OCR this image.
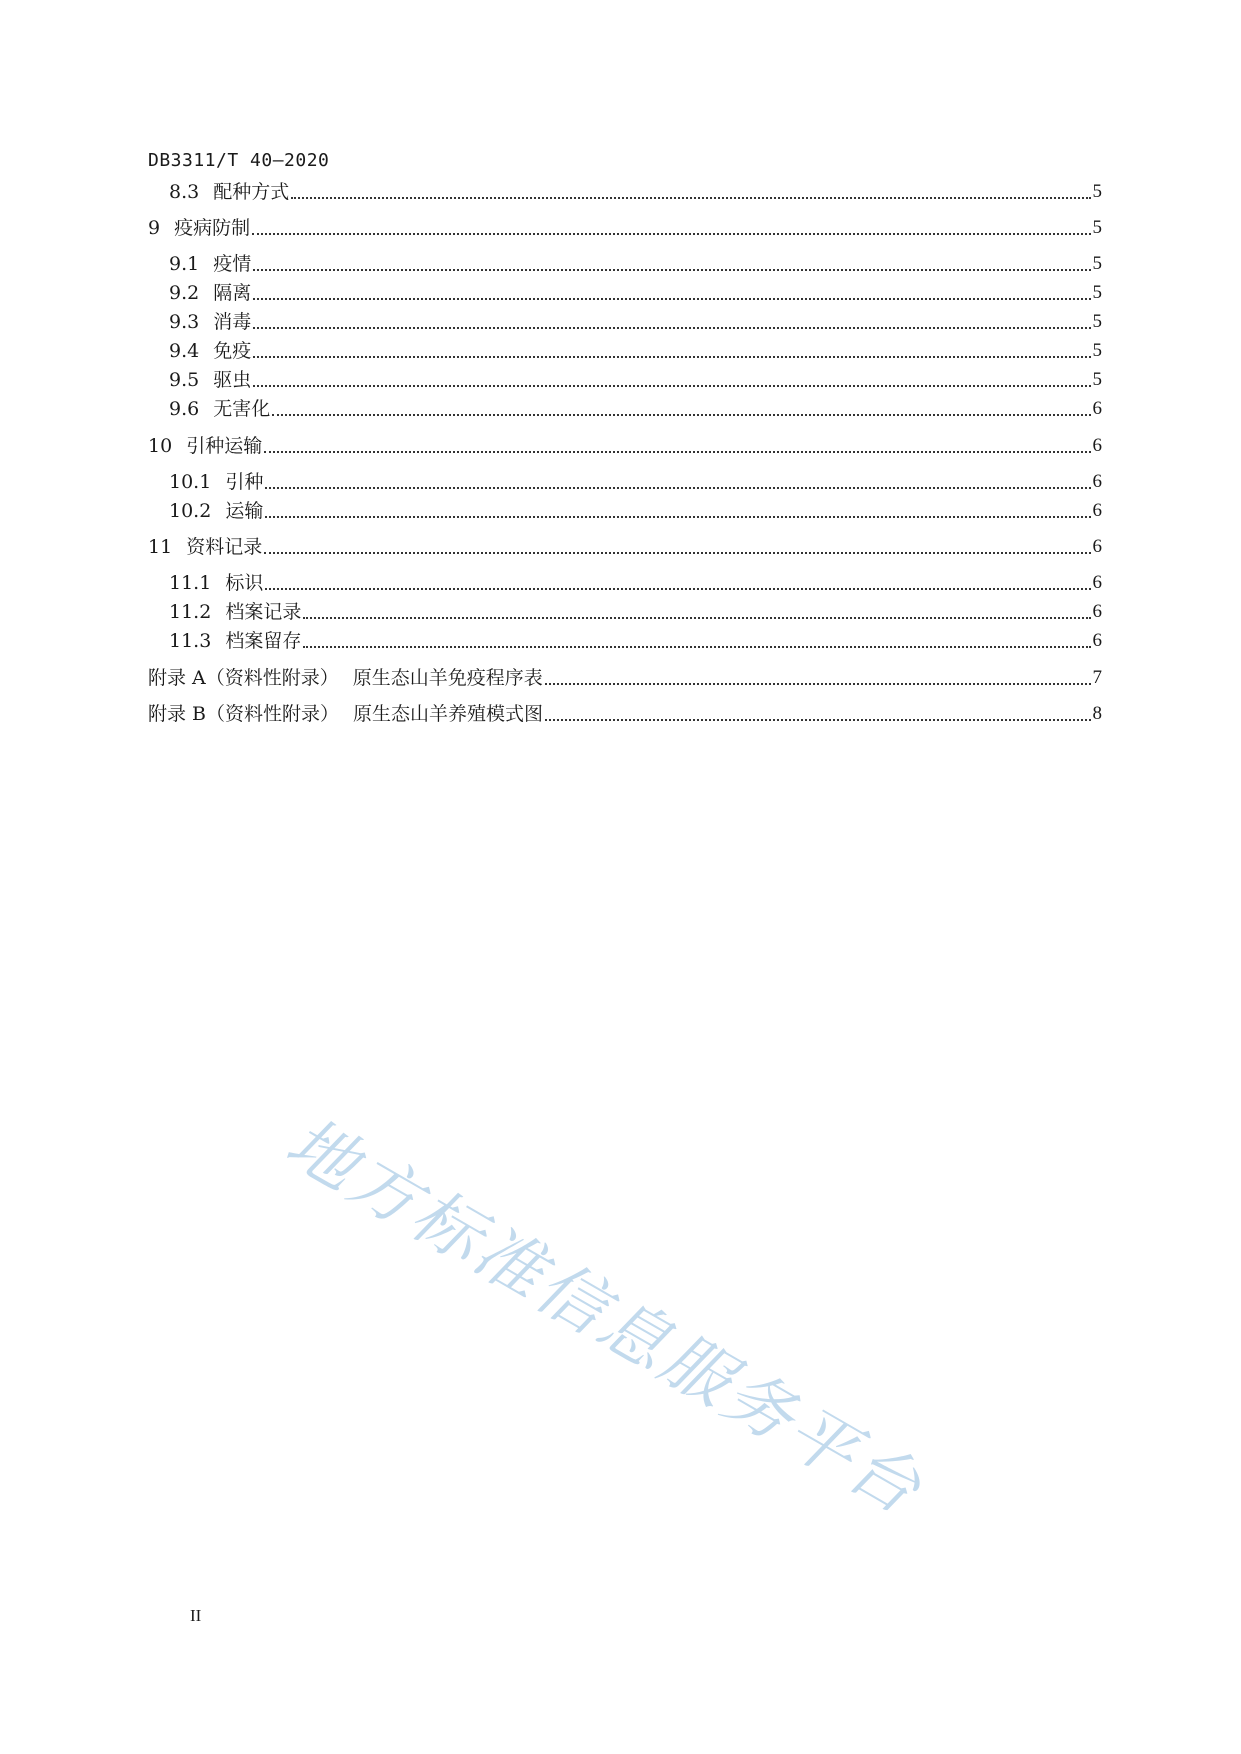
DB3311/T 40—2020
8.3 配种方式	5
9 疫病防制	5
9.1 疫情	5
9.2 隔离	5
9.3 消毒	5
9.4 免疫	5
9.5 驱虫	5
9.6 无害化	6
10 引种运输	6
10.1 引种	6
10.2 运输	6
11 资料记录	6
11.1 标识	6
11.2 档案记录	6
11.3 档案留存	6
附录 A（资料性附录） 原生态山羊免疫程序表	7
附录 B（资料性附录） 原生态山羊养殖模式图	8
地方标准信息服务平台
II
